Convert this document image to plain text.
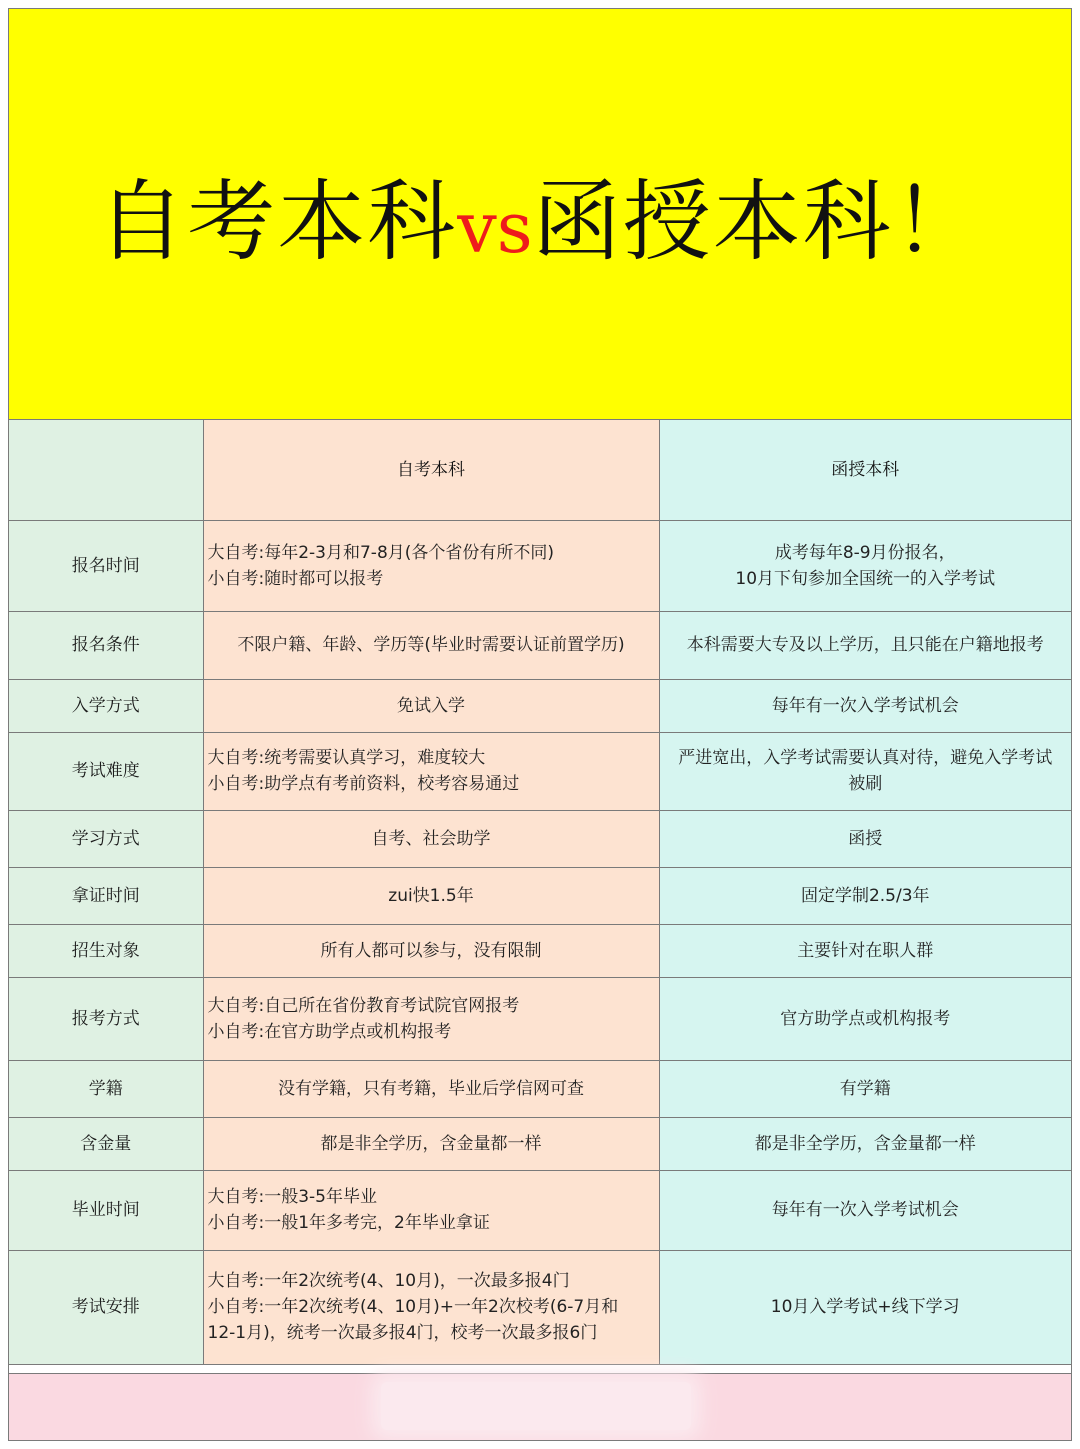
自考本科vs函授本科！
	自考本科	函授本科
报名时间	大自考:每年2-3月和7-8月(各个省份有所不同)
小自考:随时都可以报考	成考每年8-9月份报名，
10月下旬参加全国统一的入学考试

报名条件	不限户籍、年龄、学历等(毕业时需要认证前置学历)	本科需要大专及以上学历，且只能在户籍地报考

入学方式	免试入学	每年有一次入学考试机会

考试难度	大自考:统考需要认真学习，难度较大
小自考:助学点有考前资料，校考容易通过	严进宽出，入学考试需要认真对待，避免入学考试
被刷

学习方式	自考、社会助学	函授

拿证时间	zui快1.5年	固定学制2.5/3年

招生对象	所有人都可以参与，没有限制	主要针对在职人群

报考方式	大自考:自己所在省份教育考试院官网报考
小自考:在官方助学点或机构报考	官方助学点或机构报考

学籍	没有学籍，只有考籍，毕业后学信网可查	有学籍

含金量	都是非全学历，含金量都一样	都是非全学历，含金量都一样

毕业时间	大自考:一般3-5年毕业
小自考:一般1年多考完，2年毕业拿证	每年有一次入学考试机会

考试安排	大自考:一年2次统考(4、10月)，一次最多报4门
小自考:一年2次统考(4、10月)+一年2次校考(6-7月和
12-1月)，统考一次最多报4门，校考一次最多报6门	10月入学考试+线下学习
